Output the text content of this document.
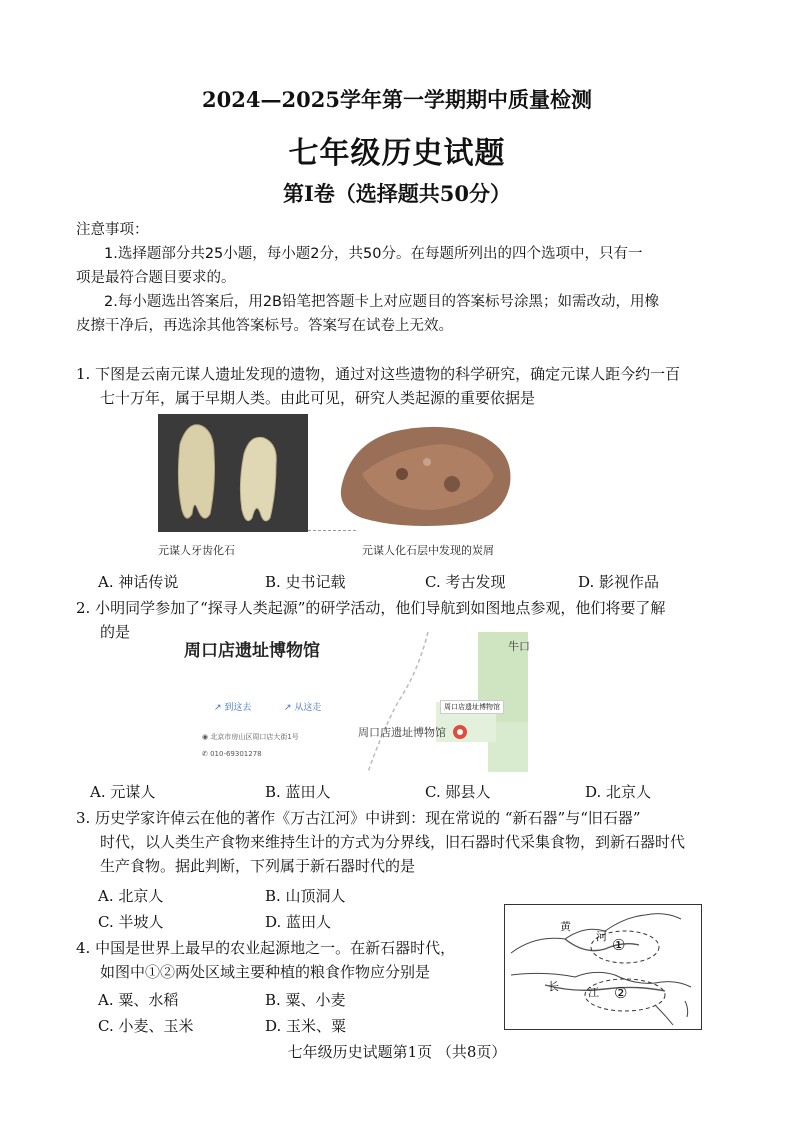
2024—2025学年第一学期期中质量检测
七年级历史试题
第Ⅰ卷（选择题共50分）
注意事项：
1.选择题部分共25小题，每小题2分，共50分。在每题所列出的四个选项中，只有一
项是最符合题目要求的。
2.每小题选出答案后，用2B铅笔把答题卡上对应题目的答案标号涂黑；如需改动，用橡
皮擦干净后，再选涂其他答案标号。答案写在试卷上无效。
1. 下图是云南元谋人遗址发现的遗物，通过对这些遗物的科学研究，确定元谋人距今约一百
七十万年，属于早期人类。由此可见，研究人类起源的重要依据是
元谋人牙齿化石	元谋人化石层中发现的炭屑
A. 神话传说	B. 史书记载	C. 考古发现	D. 影视作品
2. 小明同学参加了“探寻人类起源”的研学活动，他们导航到如图地点参观，他们将要了解
的是
周口店遗址博物馆
↗ 到这去	↗ 从这走
◉ 北京市房山区周口店大街1号
✆ 010-69301278
牛口
周口店遗址博物馆
周口店遗址博物馆
A. 元谋人	B. 蓝田人	C. 郧县人	D. 北京人
3. 历史学家许倬云在他的著作《万古江河》中讲到：现在常说的 “新石器”与“旧石器”
时代，以人类生产食物来维持生计的方式为分界线，旧石器时代采集食物，到新石器时代
生产食物。据此判断，下列属于新石器时代的是
A. 北京人	B. 山顶洞人
C. 半坡人	D. 蓝田人
4. 中国是世界上最早的农业起源地之一。在新石器时代，
如图中①②两处区域主要种植的粮食作物应分别是
A. 粟、水稻	B. 粟、小麦
C. 小麦、玉米	D. 玉米、粟
黄
河
长	江
①
②
七年级历史试题第1页 （共8页）
